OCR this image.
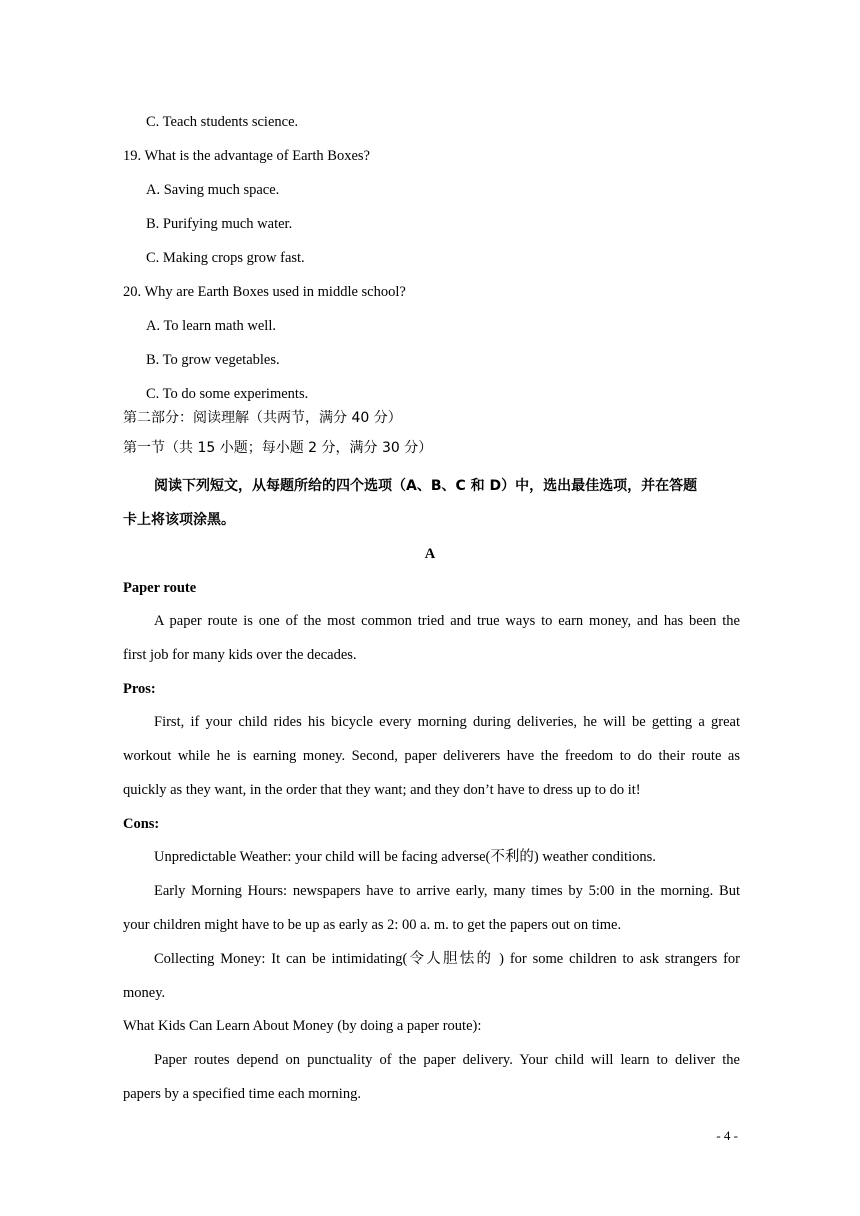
C. Teach students science.
19. What is the advantage of Earth Boxes?
A. Saving much space.
B. Purifying much water.
C. Making crops grow fast.
20. Why are Earth Boxes used in middle school?
A. To learn math well.
B. To grow vegetables.
C. To do some experiments.
第二部分：阅读理解（共两节，满分 40 分）
第一节（共 15 小题；每小题 2 分，满分 30 分）
阅读下列短文，从每题所给的四个选项（A、B、C 和 D）中，选出最佳选项，并在答题
卡上将该项涂黑。
A
Paper route
A paper route is one of the most common tried and true ways to earn money, and has been the
first job for many kids over the decades.
Pros:
First, if your child rides his bicycle every morning during deliveries, he will be getting a great
workout while he is earning money. Second, paper deliverers have the freedom to do their route as
quickly as they want, in the order that they want; and they don’t have to dress up to do it!
Cons:
Unpredictable Weather: your child will be facing adverse(不利的) weather conditions.
Early Morning Hours: newspapers have to arrive early, many times by 5:00 in the morning. But
your children might have to be up as early as 2: 00 a. m. to get the papers out on time.
Collecting Money: It can be intimidating(令人胆怯的 ) for some children to ask strangers for
money.
What Kids Can Learn About Money (by doing a paper route):
Paper routes depend on punctuality of the paper delivery. Your child will learn to deliver the
papers by a specified time each morning.
- 4 -
